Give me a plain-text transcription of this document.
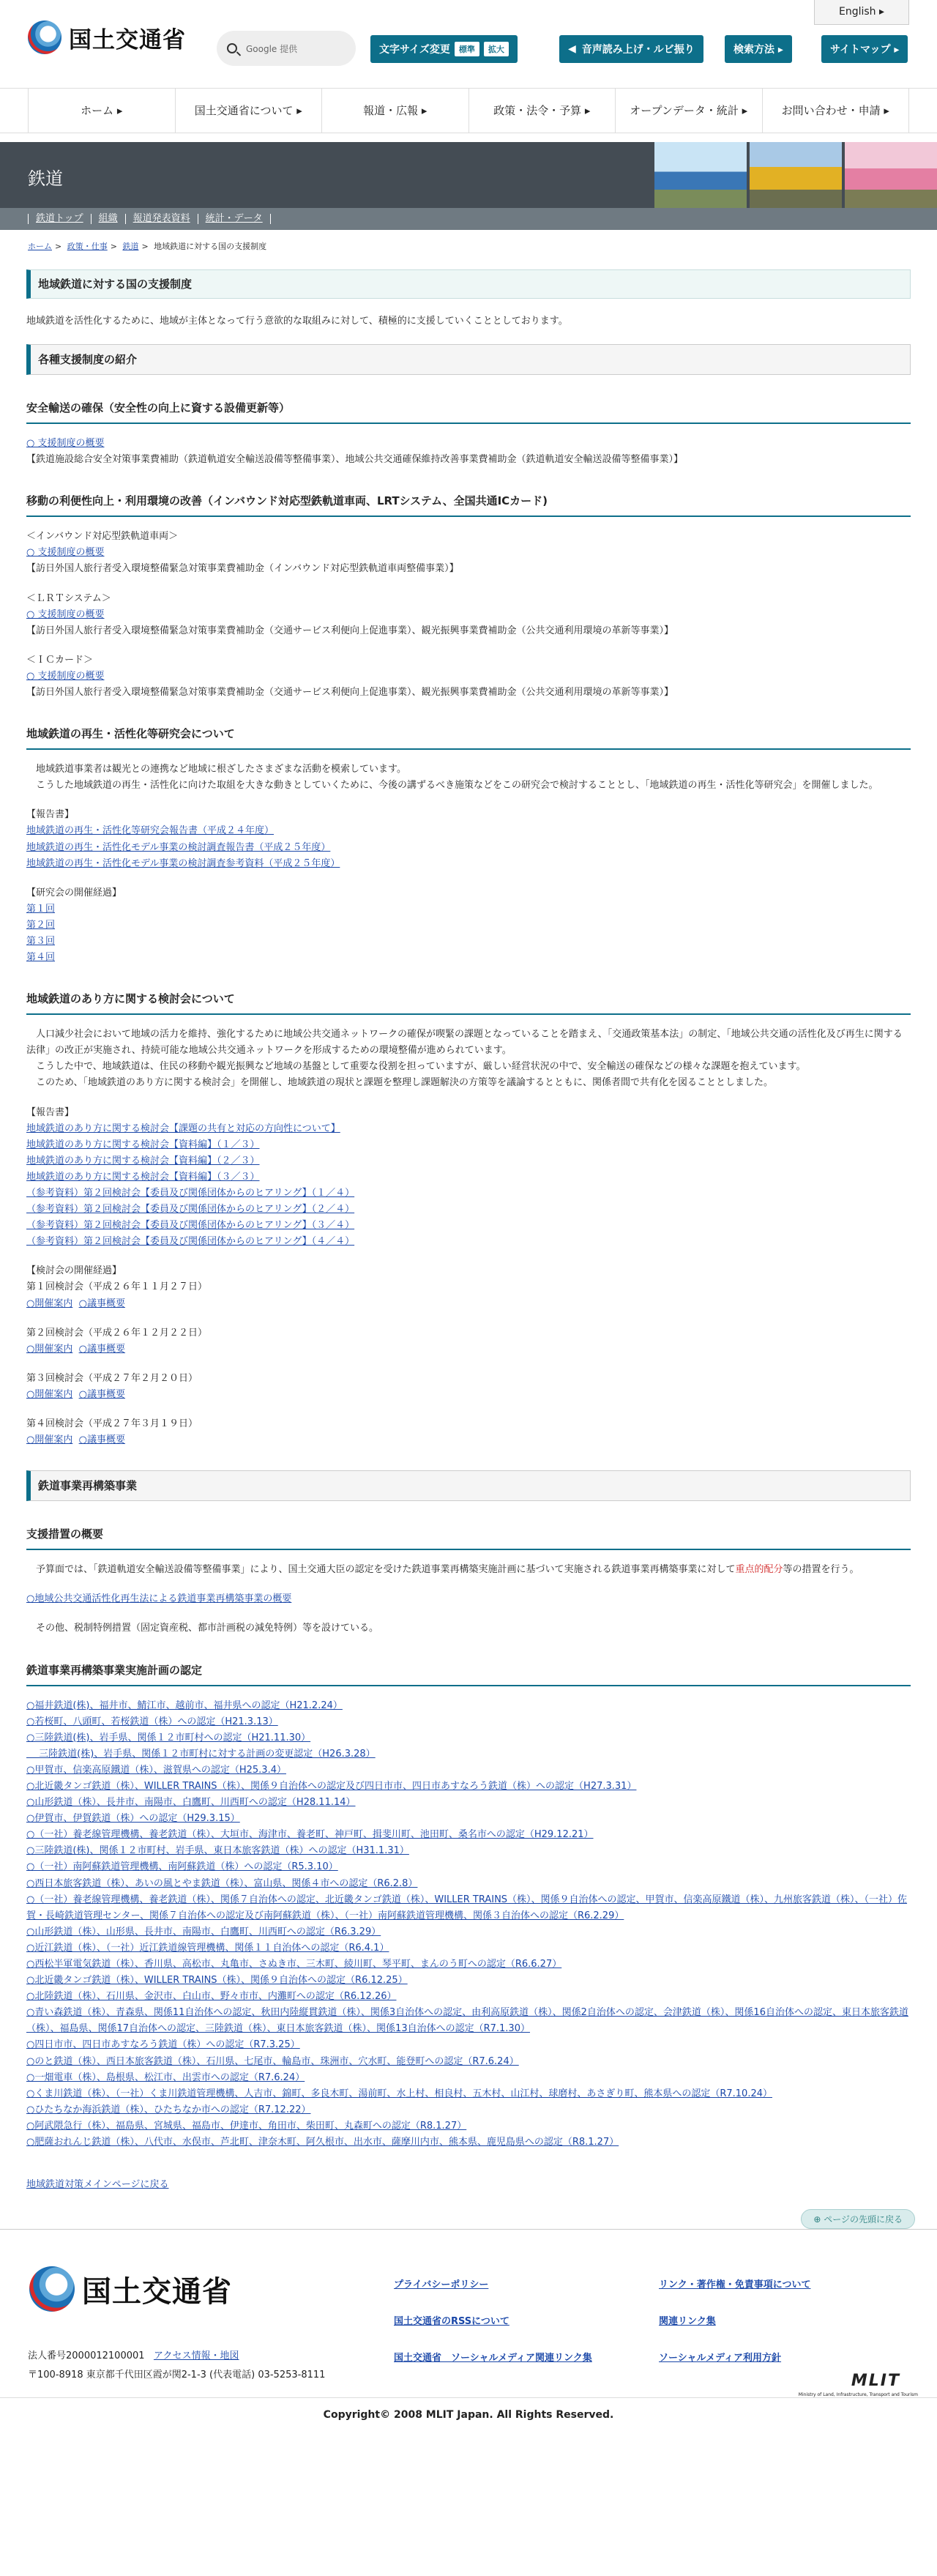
国土交通省
English ▸
Google 提供	文字サイズ変更	標準	拡大	◀ 音声読み上げ・ルビ振り	検索方法 ▸	サイトマップ ▸
ホーム ▸	国土交通省について ▸	報道・広報 ▸	政策・法令・予算 ▸	オープンデータ・統計 ▸	お問い合わせ・申請 ▸
鉄道
鉄道トップ	組織	報道発表資料	統計・データ
ホーム > 政策・仕事 > 鉄道 > 地域鉄道に対する国の支援制度
地域鉄道に対する国の支援制度

地域鉄道を活性化するために、地域が主体となって行う意欲的な取組みに対して、積極的に支援していくこととしております。

各種支援制度の紹介
安全輸送の確保（安全性の向上に資する設備更新等）

○ 支援制度の概要

【鉄道施設総合安全対策事業費補助（鉄道軌道安全輸送設備等整備事業）、地域公共交通確保維持改善事業費補助金（鉄道軌道安全輸送設備等整備事業）】

移動の利便性向上・利用環境の改善（インバウンド対応型鉄軌道車両、LRTシステム、全国共通ICカード)

＜インバウンド対応型鉄軌道車両＞

○ 支援制度の概要

【訪日外国人旅行者受入環境整備緊急対策事業費補助金（インバウンド対応型鉄軌道車両整備事業）】

＜ＬＲＴシステム＞

○ 支援制度の概要

【訪日外国人旅行者受入環境整備緊急対策事業費補助金（交通サービス利便向上促進事業）、観光振興事業費補助金（公共交通利用環境の革新等事業）】

＜ＩＣカード＞

○ 支援制度の概要

【訪日外国人旅行者受入環境整備緊急対策事業費補助金（交通サービス利便向上促進事業）、観光振興事業費補助金（公共交通利用環境の革新等事業）】

地域鉄道の再生・活性化等研究会について

　地域鉄道事業者は観光との連携など地域に根ざしたさまざまな活動を模索しています。

　こうした地域鉄道の再生・活性化に向けた取組を大きな動きとしていくために、今後の講ずるべき施策などをこの研究会で検討することとし、「地域鉄道の再生・活性化等研究会」を開催しました。

【報告書】

地域鉄道の再生・活性化等研究会報告書（平成２４年度）

地域鉄道の再生・活性化モデル事業の検討調査報告書（平成２５年度）

地域鉄道の再生・活性化モデル事業の検討調査参考資料（平成２５年度）

【研究会の開催経過】

第１回

第２回

第３回

第４回

地域鉄道のあり方に関する検討会について

　人口減少社会において地域の活力を維持、強化するために地域公共交通ネットワークの確保が喫緊の課題となっていることを踏まえ、「交通政策基本法」の制定、「地域公共交通の活性化及び再生に関する法律」の改正が実施され、持続可能な地域公共交通ネットワークを形成するための環境整備が進められています。

　こうした中で、地域鉄道は、住民の移動や観光振興など地域の基盤として重要な役割を担っていますが、厳しい経営状況の中で、安全輸送の確保などの様々な課題を抱えています。

　このため、「地域鉄道のあり方に関する検討会」を開催し、地域鉄道の現状と課題を整理し課題解決の方策等を議論するとともに、関係者間で共有化を図ることとしました。

【報告書】

地域鉄道のあり方に関する検討会【課題の共有と対応の方向性について】

地域鉄道のあり方に関する検討会【資料編】（１／３）

地域鉄道のあり方に関する検討会【資料編】（２／３）

地域鉄道のあり方に関する検討会【資料編】（３／３）

（参考資料）第２回検討会【委員及び関係団体からのヒアリング】（１／４）

（参考資料）第２回検討会【委員及び関係団体からのヒアリング】（２／４）

（参考資料）第２回検討会【委員及び関係団体からのヒアリング】（３／４）

（参考資料）第２回検討会【委員及び関係団体からのヒアリング】（４／４）

【検討会の開催経過】

第１回検討会（平成２６年１１月２７日）

○開催案内 ○議事概要

第２回検討会（平成２６年１２月２２日）

○開催案内 ○議事概要

第３回検討会（平成２７年２月２０日）

○開催案内 ○議事概要

第４回検討会（平成２７年３月１９日）

○開催案内 ○議事概要

鉄道事業再構築事業
支援措置の概要

　予算面では、「鉄道軌道安全輸送設備等整備事業」により、国土交通大臣の認定を受けた鉄道事業再構築実施計画に基づいて実施される鉄道事業再構築事業に対して重点的配分等の措置を行う。

○地域公共交通活性化再生法による鉄道事業再構築事業の概要

　その他、税制特例措置（固定資産税、都市計画税の減免特例）等を設けている。

鉄道事業再構築事業実施計画の認定

○福井鉄道(株)、福井市、鯖江市、越前市、福井県への認定（H21.2.24）

○若桜町、八頭町、若桜鉄道（株）への認定（H21.3.13）

○三陸鉄道(株)、岩手県、関係１２市町村への認定（H21.11.30）

　 三陸鉄道(株)、岩手県、関係１２市町村に対する計画の変更認定（H26.3.28）

○甲賀市、信楽高原鐵道（株）、滋賀県への認定（H25.3.4）

○北近畿タンゴ鉄道（株）、WILLER TRAINS（株）、関係９自治体への認定及び四日市市、四日市あすなろう鉄道（株）への認定（H27.3.31）

○山形鉄道（株）、長井市、南陽市、白鷹町、川西町への認定（H28.11.14）

○伊賀市、伊賀鉄道（株）への認定（H29.3.15）

○（一社）養老線管理機構、養老鉄道（株）、大垣市、海津市、養老町、神戸町、揖斐川町、池田町、桑名市への認定（H29.12.21）

○三陸鉄道(株)、関係１２市町村、岩手県、東日本旅客鉄道（株）への認定（H31.1.31）

○（一社）南阿蘇鉄道管理機構、南阿蘇鉄道（株）への認定（R5.3.10）

○西日本旅客鉄道（株）、あいの風とやま鉄道（株）、富山県、関係４市への認定（R6.2.8）

○（一社）養老線管理機構、養老鉄道（株）、関係７自治体への認定、北近畿タンゴ鉄道（株）、WILLER TRAINS（株）、関係９自治体への認定、甲賀市、信楽高原鐵道（株）、九州旅客鉄道（株）、（一社）佐賀・長崎鉄道管理センター、関係７自治体への認定及び南阿蘇鉄道（株）、（一社）南阿蘇鉄道管理機構、関係３自治体への認定（R6.2.29）

○山形鉄道（株）、山形県、長井市、南陽市、白鷹町、川西町への認定（R6.3.29）

○近江鉄道（株）、（一社）近江鉄道線管理機構、関係１１自治体への認定（R6.4.1）

○西松半軍電気鉄道（株）、香川県、高松市、丸亀市、さぬき市、三木町、綾川町、琴平町、まんのう町への認定（R6.6.27）

○北近畿タンゴ鉄道（株）、WILLER TRAINS（株）、関係９自治体への認定（R6.12.25）

○北陸鉄道（株）、石川県、金沢市、白山市、野々市市、内灘町への認定（R6.12.26）

○青い森鉄道（株）、青森県、関係11自治体への認定、秋田内陸縦貫鉄道（株）、関係3自治体への認定、由利高原鉄道（株）、関係2自治体への認定、会津鉄道（株）、関係16自治体への認定、東日本旅客鉄道（株）、福島県、関係17自治体への認定、三陸鉄道（株）、東日本旅客鉄道（株）、関係13自治体への認定（R7.1.30）

○四日市市、四日市あすなろう鉄道（株）への認定（R7.3.25）

○のと鉄道（株）、西日本旅客鉄道（株）、石川県、七尾市、輪島市、珠洲市、穴水町、能登町への認定（R7.6.24）

○一畑電車（株）、島根県、松江市、出雲市への認定（R7.6.24）

○くま川鉄道（株）、（一社）くま川鉄道管理機構、人吉市、錦町、多良木町、湯前町、水上村、相良村、五木村、山江村、球磨村、あさぎり町、熊本県への認定（R7.10.24）

○ひたちなか海浜鉄道（株）、ひたちなか市への認定（R7.12.22）

○阿武隈急行（株）、福島県、宮城県、福島市、伊達市、角田市、柴田町、丸森町への認定（R8.1.27）

○肥薩おれんじ鉄道（株）、八代市、水俣市、芦北町、津奈木町、阿久根市、出水市、薩摩川内市、熊本県、鹿児島県への認定（R8.1.27）

地域鉄道対策メインページに戻る

⊕ ページの先頭に戻る
国土交通省
法人番号2000012100001 アクセス情報・地図
〒100-8918 東京都千代田区霞が関2-1-3 (代表電話) 03-5253-8111
プライバシーポリシー	リンク・著作権・免責事項について
国土交通省のRSSについて	関連リンク集
国土交通省　ソーシャルメディア関連リンク集	ソーシャルメディア利用方針
MLIT
Ministry of Land, Infrastructure, Transport and Tourism
Copyright© 2008 MLIT Japan. All Rights Reserved.
